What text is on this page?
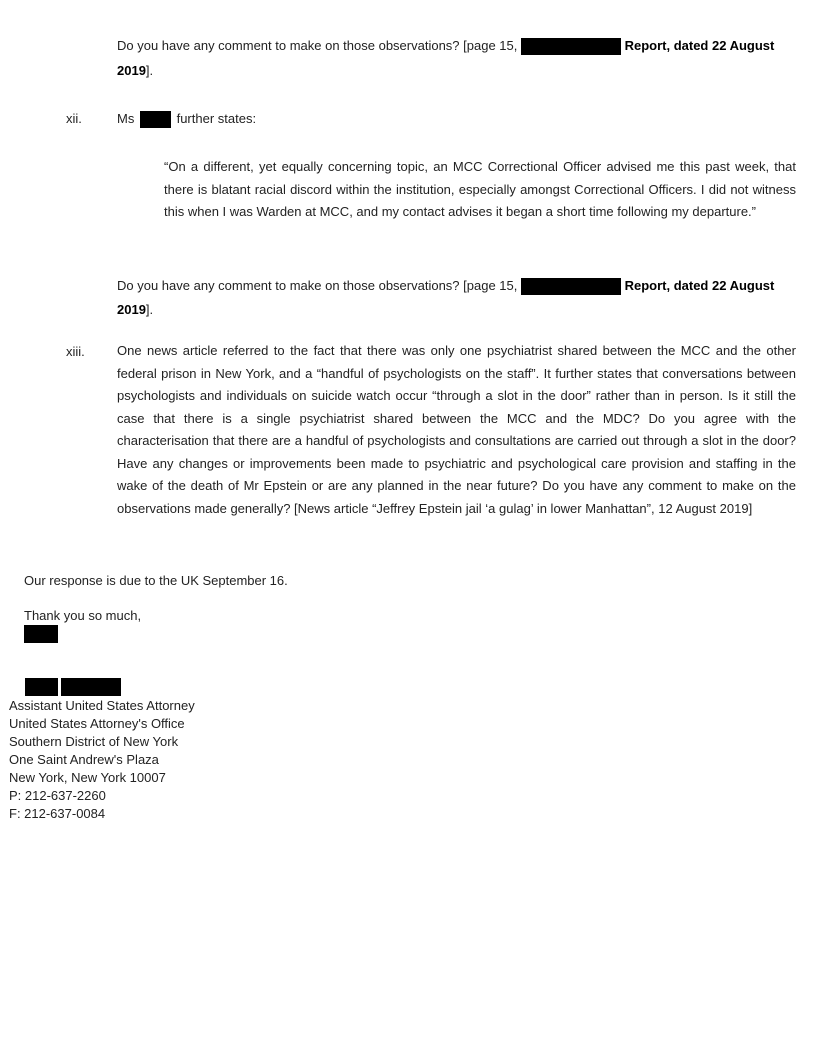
Do you have any comment to make on those observations? [page 15,	Report, dated 22 August
2019].
xii.	Ms	further states:
“On a different, yet equally concerning topic, an MCC Correctional Officer advised me this past week, that there is blatant racial discord within the institution, especially amongst Correctional Officers. I did not witness this when I was Warden at MCC, and my contact advises it began a short time following my departure.”
Do you have any comment to make on those observations? [page 15,	Report, dated 22 August
2019].
xiii. One news article referred to the fact that there was only one psychiatrist shared between the MCC and the other federal prison in New York, and a “handful of psychologists on the staff”. It further states that conversations between psychologists and individuals on suicide watch occur “through a slot in the door” rather than in person. Is it still the case that there is a single psychiatrist shared between the MCC and the MDC? Do you agree with the characterisation that there are a handful of psychologists and consultations are carried out through a slot in the door? Have any changes or improvements been made to psychiatric and psychological care provision and staffing in the wake of the death of Mr Epstein or are any planned in the near future? Do you have any comment to make on the observations made generally? [News article “Jeffrey Epstein jail ‘a gulag’ in lower Manhattan”, 12 August 2019]
Our response is due to the UK September 16.
Thank you so much,
Assistant United States Attorney
United States Attorney's Office
Southern District of New York
One Saint Andrew's Plaza
New York, New York 10007
P: 212-637-2260
F: 212-637-0084
